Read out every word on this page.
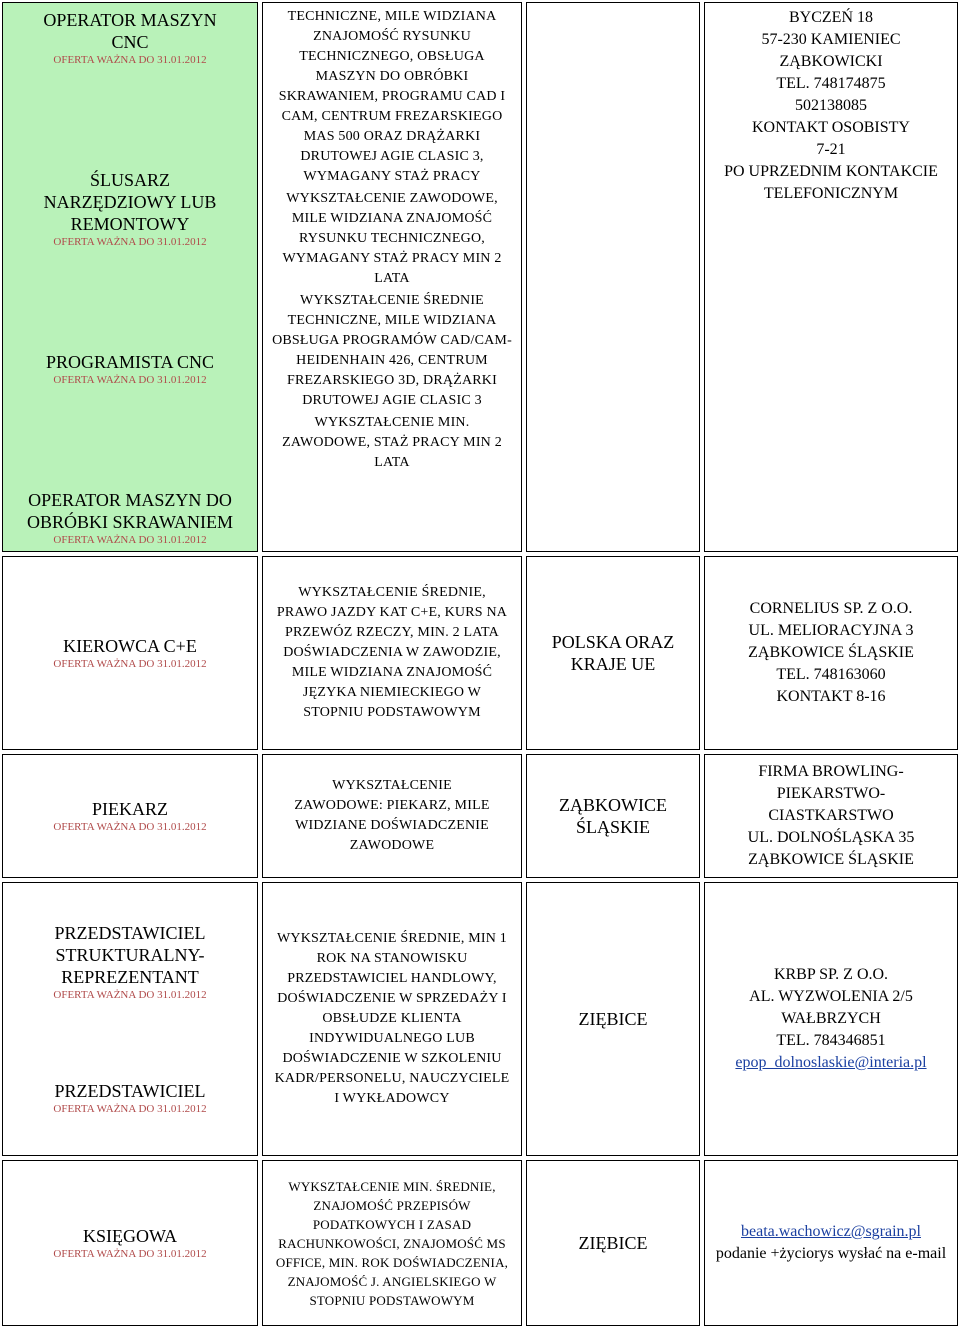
OPERATOR MASZYN CNC
OFERTA WAŻNA DO 31.01.2012
ŚLUSARZ NARZĘDZIOWY LUB REMONTOWY
OFERTA WAŻNA DO 31.01.2012
PROGRAMISTA CNC
OFERTA WAŻNA DO 31.01.2012
OPERATOR MASZYN DO OBRÓBKI SKRAWANIEM
OFERTA WAŻNA DO 31.01.2012
TECHNICZNE, MILE WIDZIANA ZNAJOMOŚĆ RYSUNKU TECHNICZNEGO, OBSŁUGA MASZYN DO OBRÓBKI SKRAWANIEM, PROGRAMU CAD I CAM, CENTRUM FREZARSKIEGO MAS 500 ORAZ DRĄŻARKI DRUTOWEJ AGIE CLASIC 3, WYMAGANY STAŻ PRACY
WYKSZTAŁCENIE ZAWODOWE, MILE WIDZIANA ZNAJOMOŚĆ RYSUNKU TECHNICZNEGO, WYMAGANY STAŻ PRACY MIN 2 LATA
WYKSZTAŁCENIE ŚREDNIE TECHNICZNE, MILE WIDZIANA OBSŁUGA PROGRAMÓW CAD/CAM-HEIDENHAIN 426, CENTRUM FREZARSKIEGO 3D, DRĄŻARKI DRUTOWEJ AGIE CLASIC 3
WYKSZTAŁCENIE MIN. ZAWODOWE, STAŻ PRACY MIN 2 LATA
BYCZEŃ 18
57-230 KAMIENIEC ZĄBKOWICKI
TEL. 748174875
502138085
KONTAKT OSOBISTY
7-21
PO UPRZEDNIM KONTAKCIE TELEFONICZNYM
KIEROWCA C+E
OFERTA WAŻNA DO 31.01.2012
WYKSZTAŁCENIE ŚREDNIE, PRAWO JAZDY KAT C+E, KURS NA PRZEWÓZ RZECZY, MIN. 2 LATA DOŚWIADCZENIA W ZAWODZIE, MILE WIDZIANA ZNAJOMOŚĆ JĘZYKA NIEMIECKIEGO W STOPNIU PODSTAWOWYM
POLSKA ORAZ KRAJE UE
CORNELIUS SP. Z O.O.
UL. MELIORACYJNA 3
ZĄBKOWICE ŚLĄSKIE
TEL. 748163060
KONTAKT 8-16
PIEKARZ
OFERTA WAŻNA DO 31.01.2012
WYKSZTAŁCENIE ZAWODOWE: PIEKARZ, MILE WIDZIANE DOŚWIADCZENIE ZAWODOWE
ZĄBKOWICE ŚLĄSKIE
FIRMA BROWLING-PIEKARSTWO-CIASTKARSTWO
UL. DOLNOŚLĄSKA 35
ZĄBKOWICE ŚLĄSKIE
PRZEDSTAWICIEL STRUKTURALNY-REPREZENTANT
OFERTA WAŻNA DO 31.01.2012
PRZEDSTAWICIEL
OFERTA WAŻNA DO 31.01.2012
WYKSZTAŁCENIE ŚREDNIE, MIN 1 ROK NA STANOWISKU PRZEDSTAWICIEL HANDLOWY, DOŚWIADCZENIE W SPRZEDAŻY I OBSŁUDZE KLIENTA INDYWIDUALNEGO LUB DOŚWIADCZENIE W SZKOLENIU KADR/PERSONELU, NAUCZYCIELE I WYKŁADOWCY
ZIĘBICE
KRBP SP. Z O.O.
AL. WYZWOLENIA 2/5
WAŁBRZYCH
TEL. 784346851
epop_dolnoslaskie@interia.pl
KSIĘGOWA
OFERTA WAŻNA DO 31.01.2012
WYKSZTAŁCENIE MIN. ŚREDNIE, ZNAJOMOŚĆ PRZEPISÓW PODATKOWYCH I ZASAD RACHUNKOWOŚCI, ZNAJOMOŚĆ MS OFFICE, MIN. ROK DOŚWIADCZENIA, ZNAJOMOŚĆ J. ANGIELSKIEGO W STOPNIU PODSTAWOWYM
ZIĘBICE
beata.wachowicz@sgrain.pl
podanie +życiorys wysłać na e-mail
